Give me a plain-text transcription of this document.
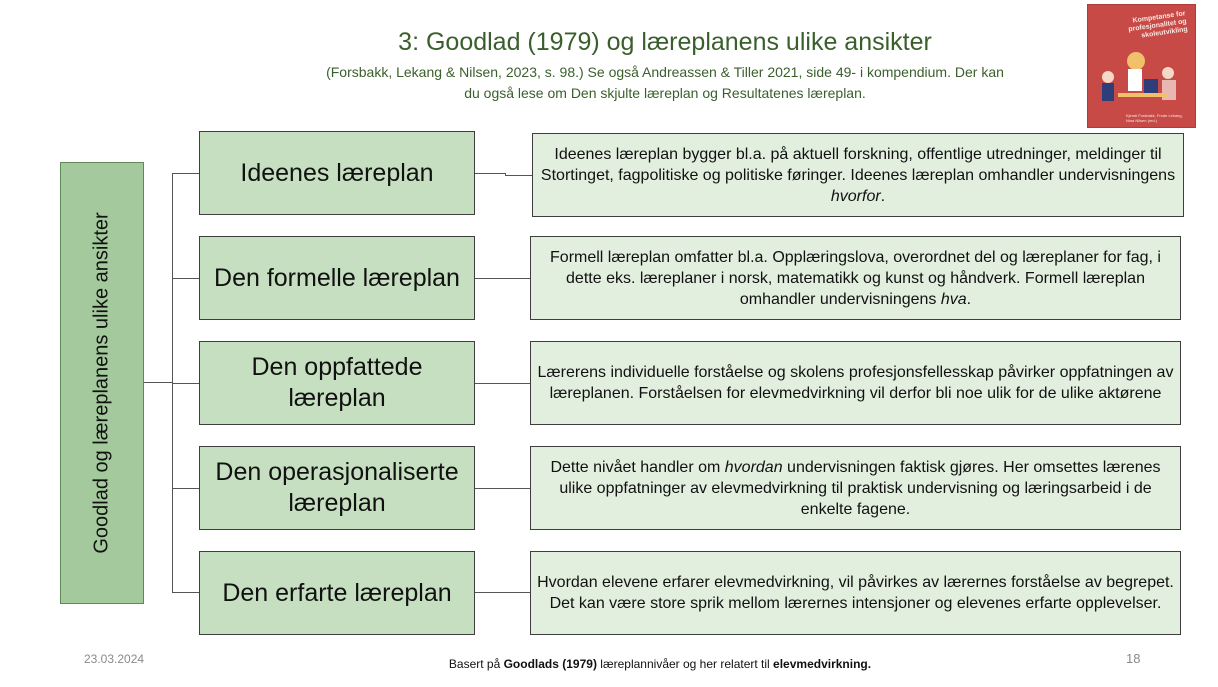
3: Goodlad (1979) og læreplanens ulike ansikter
(Forsbakk, Lekang & Nilsen, 2023, s. 98.) Se også Andreassen & Tiller 2021, side 49- i kompendium. Der kan du også lese om Den skjulte læreplan og Resultatenes læreplan.
Kompetanse for profesjonalitet og skoleutvikling
Kjersti Forsbakk, Frode Lekang, Nina Nilsen (red.)
Goodlad og læreplanens ulike ansikter
Ideenes læreplan
Den formelle læreplan
Den oppfattede læreplan
Den operasjonaliserte læreplan
Den erfarte læreplan
Ideenes læreplan bygger bl.a. på aktuell forskning, offentlige utredninger, meldinger til Stortinget, fagpolitiske og politiske føringer. Ideenes læreplan omhandler undervisningens hvorfor.
Formell læreplan omfatter bl.a. Opplæringslova, overordnet del og læreplaner for fag, i dette eks. læreplaner i norsk, matematikk og kunst og håndverk. Formell læreplan omhandler undervisningens hva.
Lærerens individuelle forståelse og skolens profesjonsfellesskap påvirker oppfatningen av læreplanen. Forståelsen for elevmedvirkning vil derfor bli noe ulik for de ulike aktørene
Dette nivået handler om hvordan undervisningen faktisk gjøres. Her omsettes lærenes ulike oppfatninger av elevmedvirkning til praktisk undervisning og læringsarbeid i de enkelte fagene.
Hvordan elevene erfarer elevmedvirkning, vil påvirkes av lærernes forståelse av begrepet. Det kan være store sprik mellom lærernes intensjoner og elevenes erfarte opplevelser.
23.03.2024	18
Basert på Goodlads (1979) læreplannivåer og her relatert til elevmedvirkning.
